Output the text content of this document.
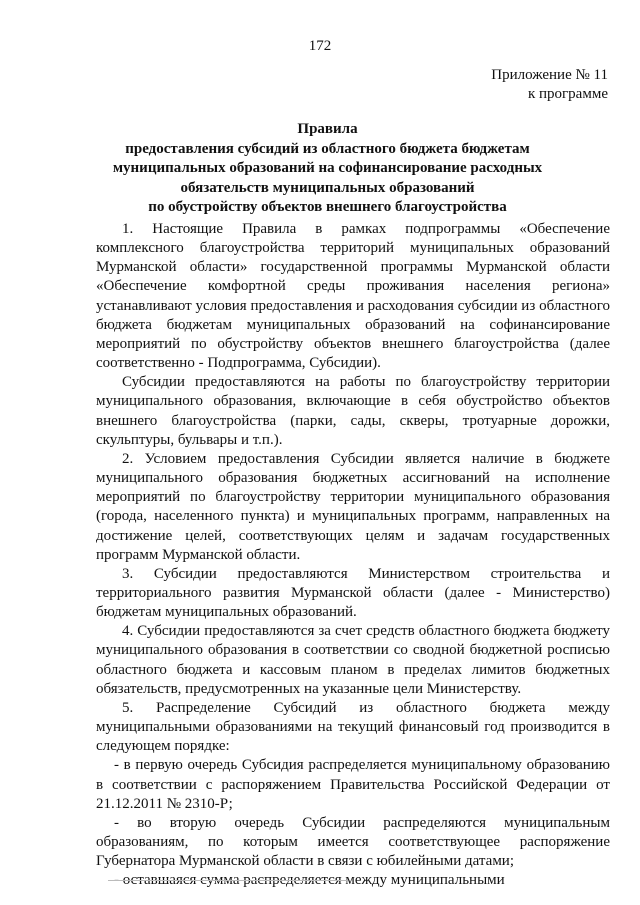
172
Приложение № 11
к программе
Правила
предоставления субсидий из областного бюджета бюджетам
муниципальных образований на софинансирование расходных
обязательств муниципальных образований
по обустройству объектов внешнего благоустройства

1. Настоящие Правила в рамках подпрограммы «Обеспечение комплексного благоустройства территорий муниципальных образований Мурманской области» государственной программы Мурманской области «Обеспечение комфортной среды проживания населения региона» устанавливают условия предоставления и расходования субсидии из областного бюджета бюджетам муниципальных образований на софинансирование мероприятий по обустройству объектов внешнего благоустройства (далее соответственно - Подпрограмма, Субсидии).

Субсидии предоставляются на работы по благоустройству территории муниципального образования, включающие в себя обустройство объектов внешнего благоустройства (парки, сады, скверы, тротуарные дорожки, скульптуры, бульвары и т.п.).

2. Условием предоставления Субсидии является наличие в бюджете муниципального образования бюджетных ассигнований на исполнение мероприятий по благоустройству территории муниципального образования (города, населенного пункта) и муниципальных программ, направленных на достижение целей, соответствующих целям и задачам государственных программ Мурманской области.

3. Субсидии предоставляются Министерством строительства и территориального развития Мурманской области (далее - Министерство) бюджетам муниципальных образований.

4. Субсидии предоставляются за счет средств областного бюджета бюджету муниципального образования в соответствии со сводной бюджетной росписью областного бюджета и кассовым планом в пределах лимитов бюджетных обязательств, предусмотренных на указанные цели Министерству.

5. Распределение Субсидий из областного бюджета между муниципальными образованиями на текущий финансовый год производится в следующем порядке:

- в первую очередь Субсидия распределяется муниципальному образованию в соответствии с распоряжением Правительства Российской Федерации от 21.12.2011 № 2310-Р;

- во вторую очередь Субсидии распределяются муниципальным образованиям, по которым имеется соответствующее распоряжение Губернатора Мурманской области в связи с юбилейными датами;

- оставшаяся сумма распределяется между муниципальными
